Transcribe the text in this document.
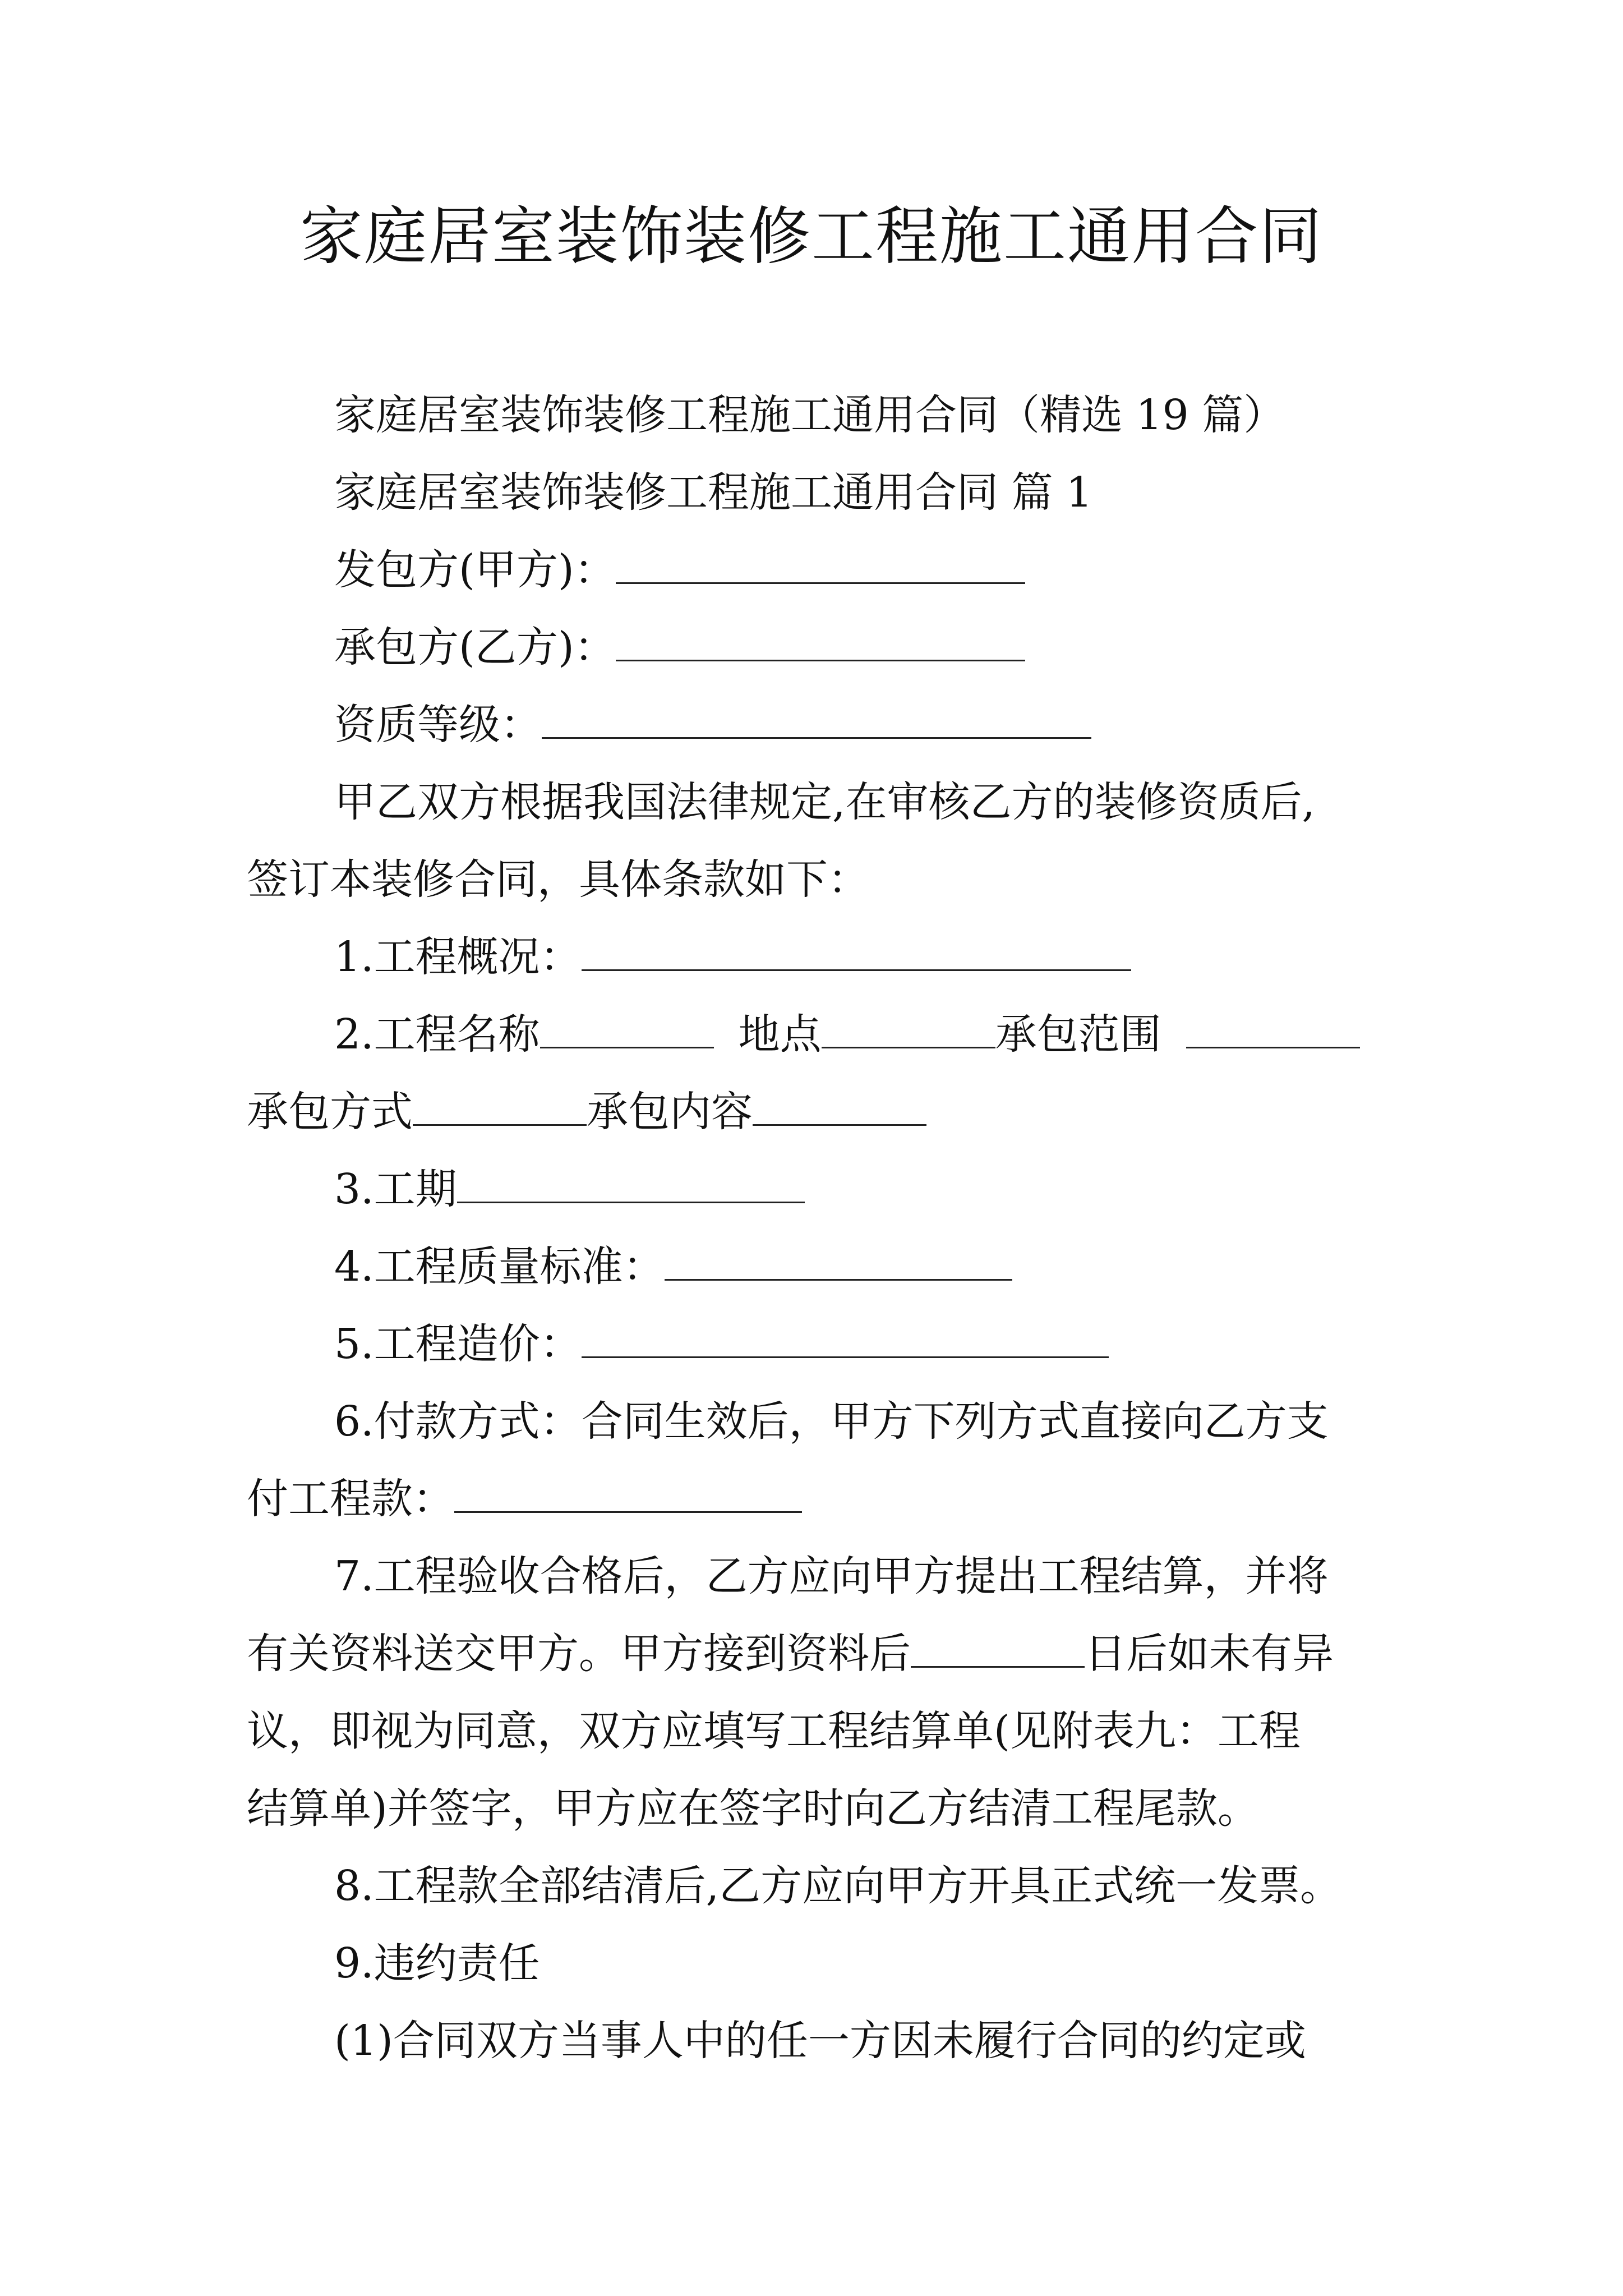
家庭居室装饰装修工程施工通用合同
家庭居室装饰装修工程施工通用合同（精选 19 篇）
家庭居室装饰装修工程施工通用合同 篇 1
发包方(甲方)：
承包方(乙方)：
资质等级：
甲乙双方根据我国法律规定,在审核乙方的装修资质后,
签订本装修合同，具体条款如下：
1.工程概况：
2.工程名称	地点	承包范围
承包方式	承包内容
3.工期
4.工程质量标准：
5.工程造价：
6.付款方式：合同生效后，甲方下列方式直接向乙方支
付工程款：
7.工程验收合格后，乙方应向甲方提出工程结算，并将
有关资料送交甲方。甲方接到资料后	日后如未有异
议，即视为同意，双方应填写工程结算单(见附表九：工程
结算单)并签字，甲方应在签字时向乙方结清工程尾款。
8.工程款全部结清后,乙方应向甲方开具正式统一发票。
9.违约责任
(1)合同双方当事人中的任一方因未履行合同的约定或
